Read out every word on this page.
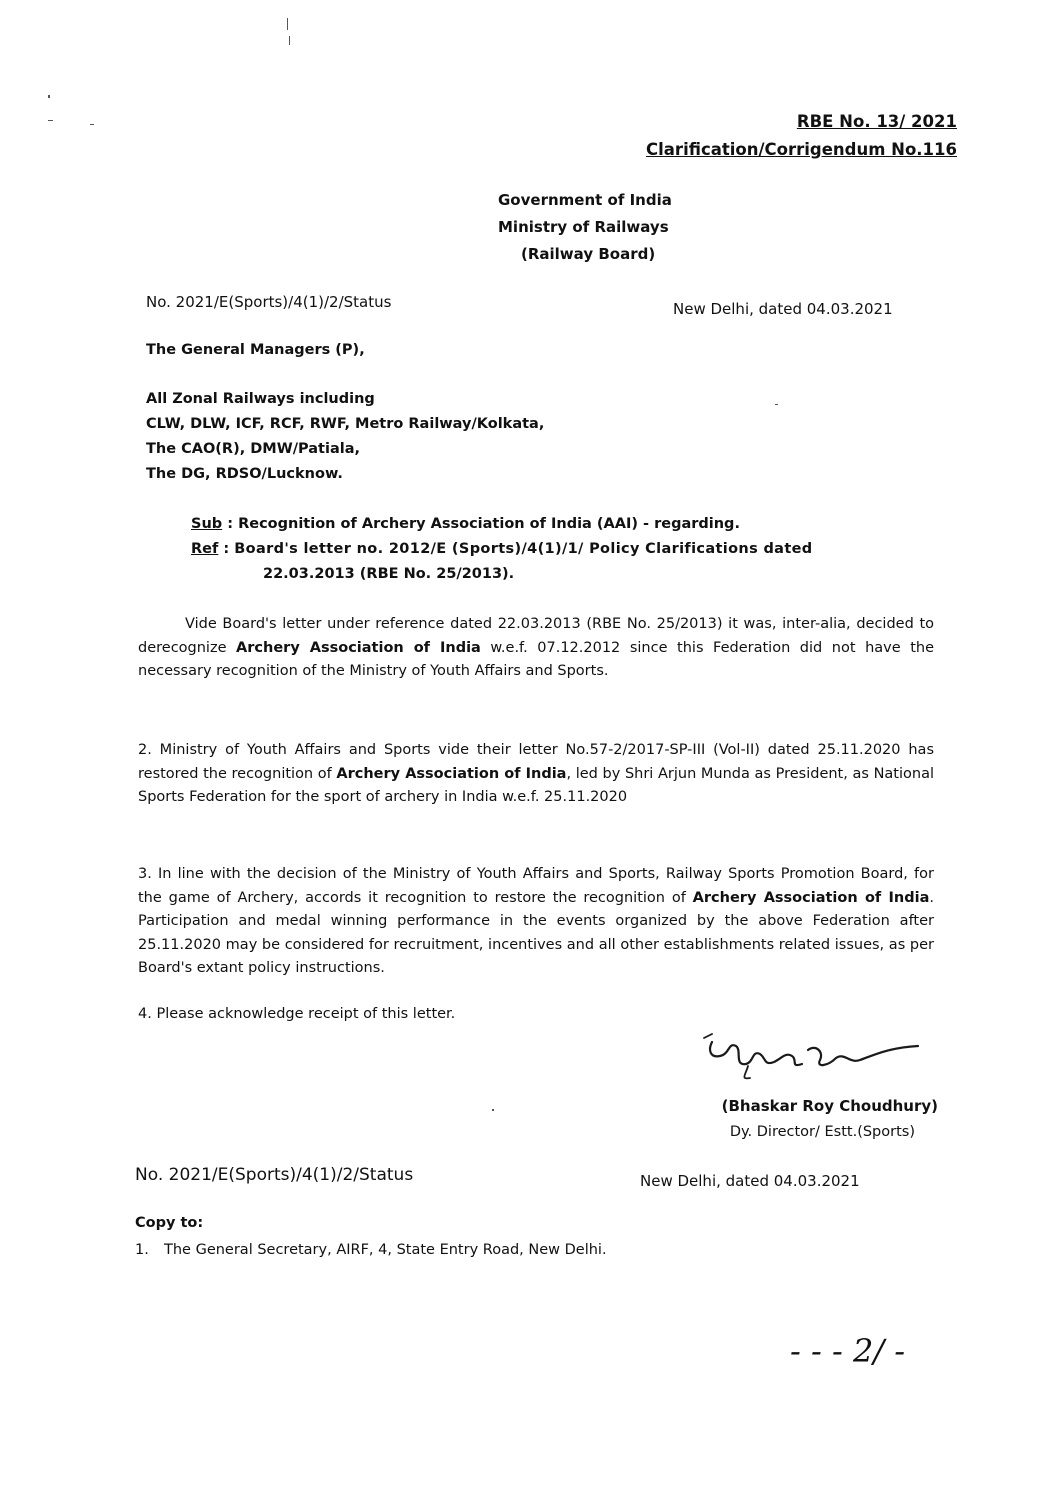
RBE No. 13/ 2021
Clarification/Corrigendum No.116
Government of India
Ministry of Railways
(Railway Board)
No. 2021/E(Sports)/4(1)/2/Status	New Delhi, dated 04.03.2021
The General Managers (P),
All Zonal Railways including
CLW, DLW, ICF, RCF, RWF, Metro Railway/Kolkata,
The CAO(R), DMW/Patiala,
The DG, RDSO/Lucknow.
Sub : Recognition of Archery Association of India (AAI) - regarding.
Ref : Board's letter no. 2012/E (Sports)/4(1)/1/ Policy Clarifications dated
22.03.2013 (RBE No. 25/2013).
Vide Board's letter under reference dated 22.03.2013 (RBE No. 25/2013) it was, inter-alia, decided to derecognize Archery Association of India w.e.f. 07.12.2012 since this Federation did not have the necessary recognition of the Ministry of Youth Affairs and Sports.
2. Ministry of Youth Affairs and Sports vide their letter No.57-2/2017-SP-III (Vol-II) dated 25.11.2020 has restored the recognition of Archery Association of India, led by Shri Arjun Munda as President, as National Sports Federation for the sport of archery in India w.e.f. 25.11.2020
3. In line with the decision of the Ministry of Youth Affairs and Sports, Railway Sports Promotion Board, for the game of Archery, accords it recognition to restore the recognition of Archery Association of India. Participation and medal winning performance in the events organized by the above Federation after 25.11.2020 may be considered for recruitment, incentives and all other establishments related issues, as per Board's extant policy instructions.
4. Please acknowledge receipt of this letter.
(Bhaskar Roy Choudhury)
Dy. Director/ Estt.(Sports)
No. 2021/E(Sports)/4(1)/2/Status	New Delhi, dated 04.03.2021
Copy to:
1. The General Secretary, AIRF, 4, State Entry Road, New Delhi.
- - - 2/ -
